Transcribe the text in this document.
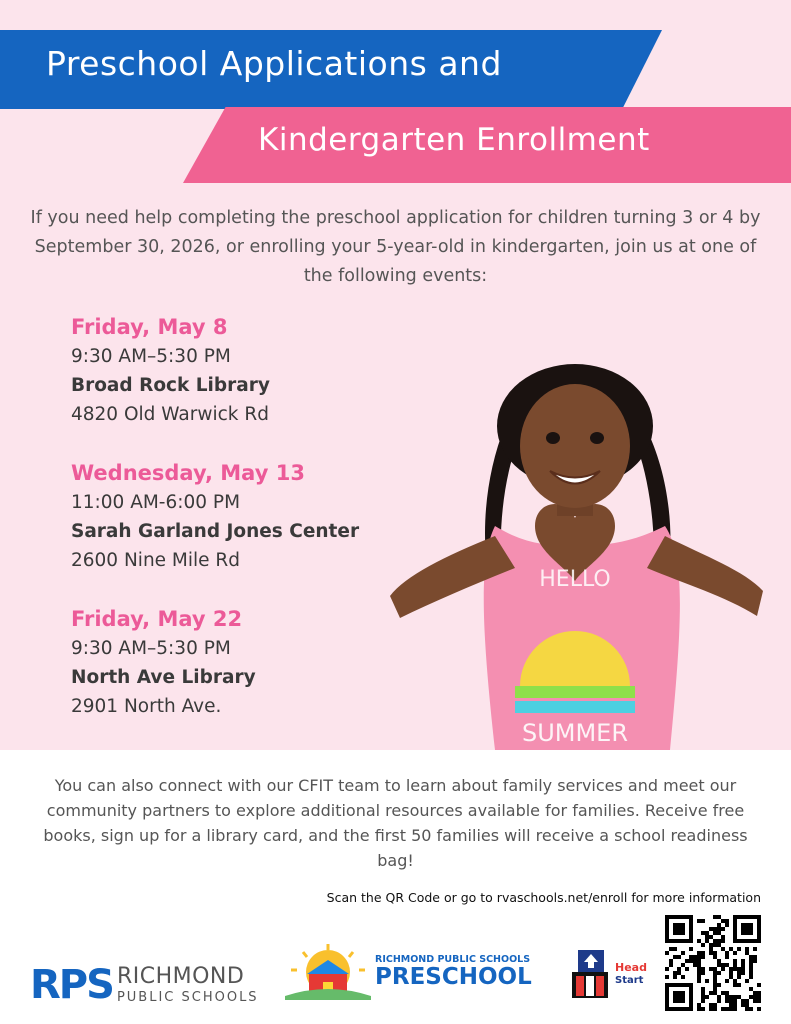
Preschool Applications and
Kindergarten Enrollment
If you need help completing the preschool application for children turning 3 or 4 by September 30, 2026, or enrolling your 5-year-old in kindergarten, join us at one of the following events:
Friday, May 8
9:30 AM–5:30 PM
Broad Rock Library
4820 Old Warwick Rd
Wednesday, May 13
11:00 AM-6:00 PM
Sarah Garland Jones Center
2600 Nine Mile Rd
Friday, May 22
9:30 AM–5:30 PM
North Ave Library
2901 North Ave.
HELLO
SUMMER
You can also connect with our CFIT team to learn about family services and meet our community partners to explore additional resources available for families. Receive free books, sign up for a library card, and the first 50 families will receive a school readiness bag!
Scan the QR Code or go to rvaschools.net/enroll for more information
RPS RICHMOND
PUBLIC SCHOOLS
RICHMOND PUBLIC SCHOOLS
PRESCHOOL	Head
Start
